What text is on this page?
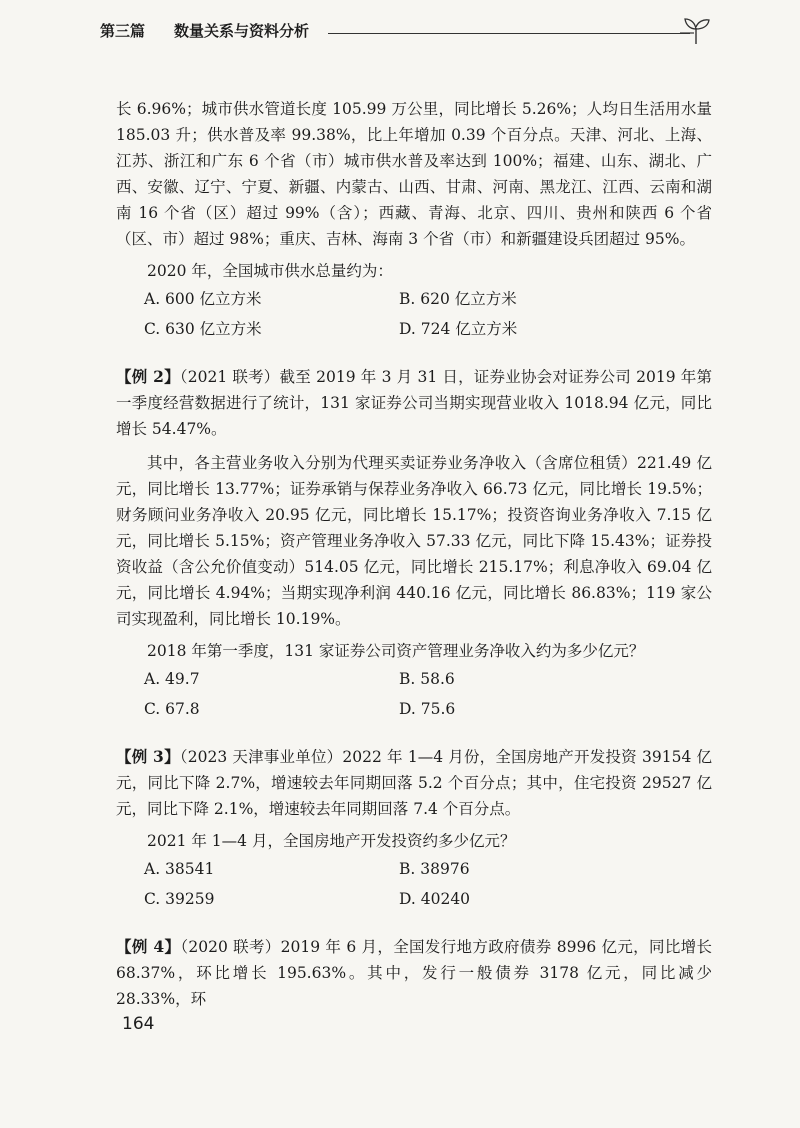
第三篇 数量关系与资料分析

长 6.96%；城市供水管道长度 105.99 万公里，同比增长 5.26%；人均日生活用水量 185.03 升；供水普及率 99.38%，比上年增加 0.39 个百分点。天津、河北、上海、江苏、浙江和广东 6 个省（市）城市供水普及率达到 100%；福建、山东、湖北、广西、安徽、辽宁、宁夏、新疆、内蒙古、山西、甘肃、河南、黑龙江、江西、云南和湖南 16 个省（区）超过 99%（含）；西藏、青海、北京、四川、贵州和陕西 6 个省（区、市）超过 98%；重庆、吉林、海南 3 个省（市）和新疆建设兵团超过 95%。

2020 年，全国城市供水总量约为：

A. 600 亿立方米	B. 620 亿立方米
C. 630 亿立方米	D. 724 亿立方米

【例 2】（2021 联考）截至 2019 年 3 月 31 日，证券业协会对证券公司 2019 年第一季度经营数据进行了统计，131 家证券公司当期实现营业收入 1018.94 亿元，同比增长 54.47%。

其中，各主营业务收入分别为代理买卖证券业务净收入（含席位租赁）221.49 亿元，同比增长 13.77%；证券承销与保荐业务净收入 66.73 亿元，同比增长 19.5%；财务顾问业务净收入 20.95 亿元，同比增长 15.17%；投资咨询业务净收入 7.15 亿元，同比增长 5.15%；资产管理业务净收入 57.33 亿元，同比下降 15.43%；证券投资收益（含公允价值变动）514.05 亿元，同比增长 215.17%；利息净收入 69.04 亿元，同比增长 4.94%；当期实现净利润 440.16 亿元，同比增长 86.83%；119 家公司实现盈利，同比增长 10.19%。

2018 年第一季度，131 家证券公司资产管理业务净收入约为多少亿元？

A. 49.7	B. 58.6
C. 67.8	D. 75.6

【例 3】（2023 天津事业单位）2022 年 1—4 月份，全国房地产开发投资 39154 亿元，同比下降 2.7%，增速较去年同期回落 5.2 个百分点；其中，住宅投资 29527 亿元，同比下降 2.1%，增速较去年同期回落 7.4 个百分点。

2021 年 1—4 月，全国房地产开发投资约多少亿元？

A. 38541	B. 38976
C. 39259	D. 40240

【例 4】（2020 联考）2019 年 6 月，全国发行地方政府债券 8996 亿元，同比增长 68.37%，环比增长 195.63%。其中，发行一般债券 3178 亿元，同比减少 28.33%，环

164
